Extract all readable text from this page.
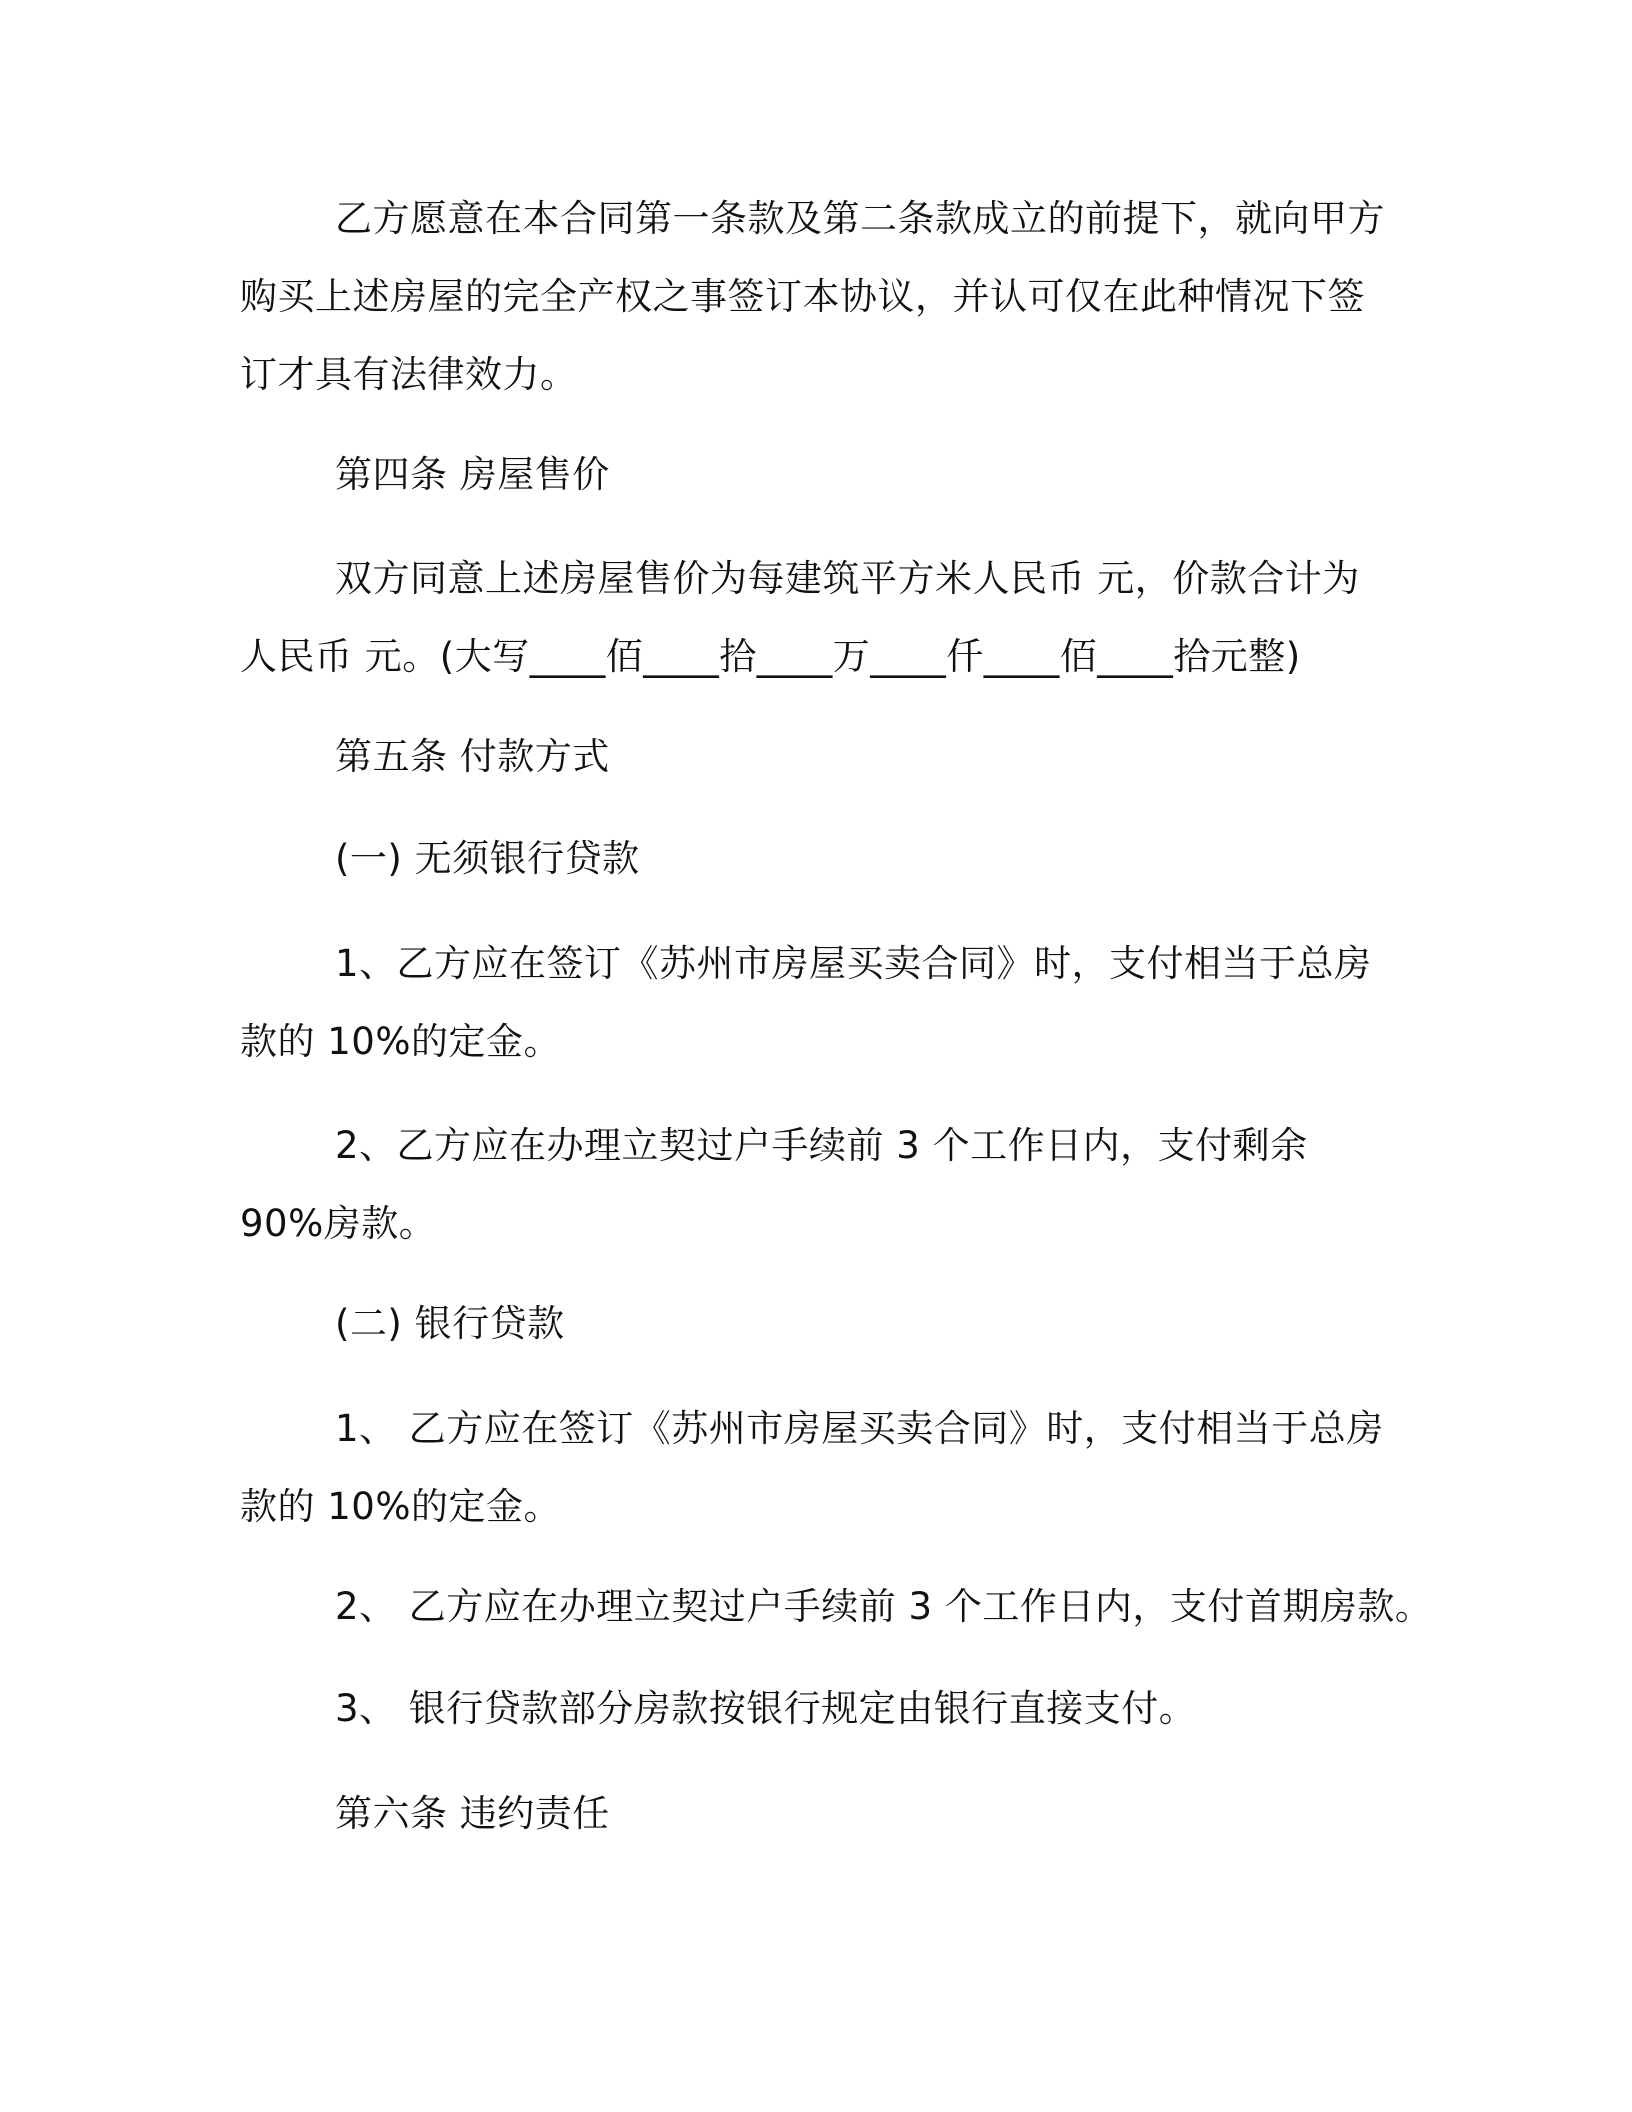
乙方愿意在本合同第一条款及第二条款成立的前提下，就向甲方购买上述房屋的完全产权之事签订本协议，并认可仅在此种情况下签订才具有法律效力。

第四条 房屋售价

双方同意上述房屋售价为每建筑平方米人民币 元，价款合计为人民币 元。(大写____佰____拾____万____仟____佰____拾元整)

第五条 付款方式

(一) 无须银行贷款

1、乙方应在签订《苏州市房屋买卖合同》时，支付相当于总房款的 10%的定金。

2、乙方应在办理立契过户手续前 3 个工作日内，支付剩余 90%房款。

(二) 银行贷款

1、 乙方应在签订《苏州市房屋买卖合同》时，支付相当于总房款的 10%的定金。

2、 乙方应在办理立契过户手续前 3 个工作日内，支付首期房款。

3、 银行贷款部分房款按银行规定由银行直接支付。

第六条 违约责任
